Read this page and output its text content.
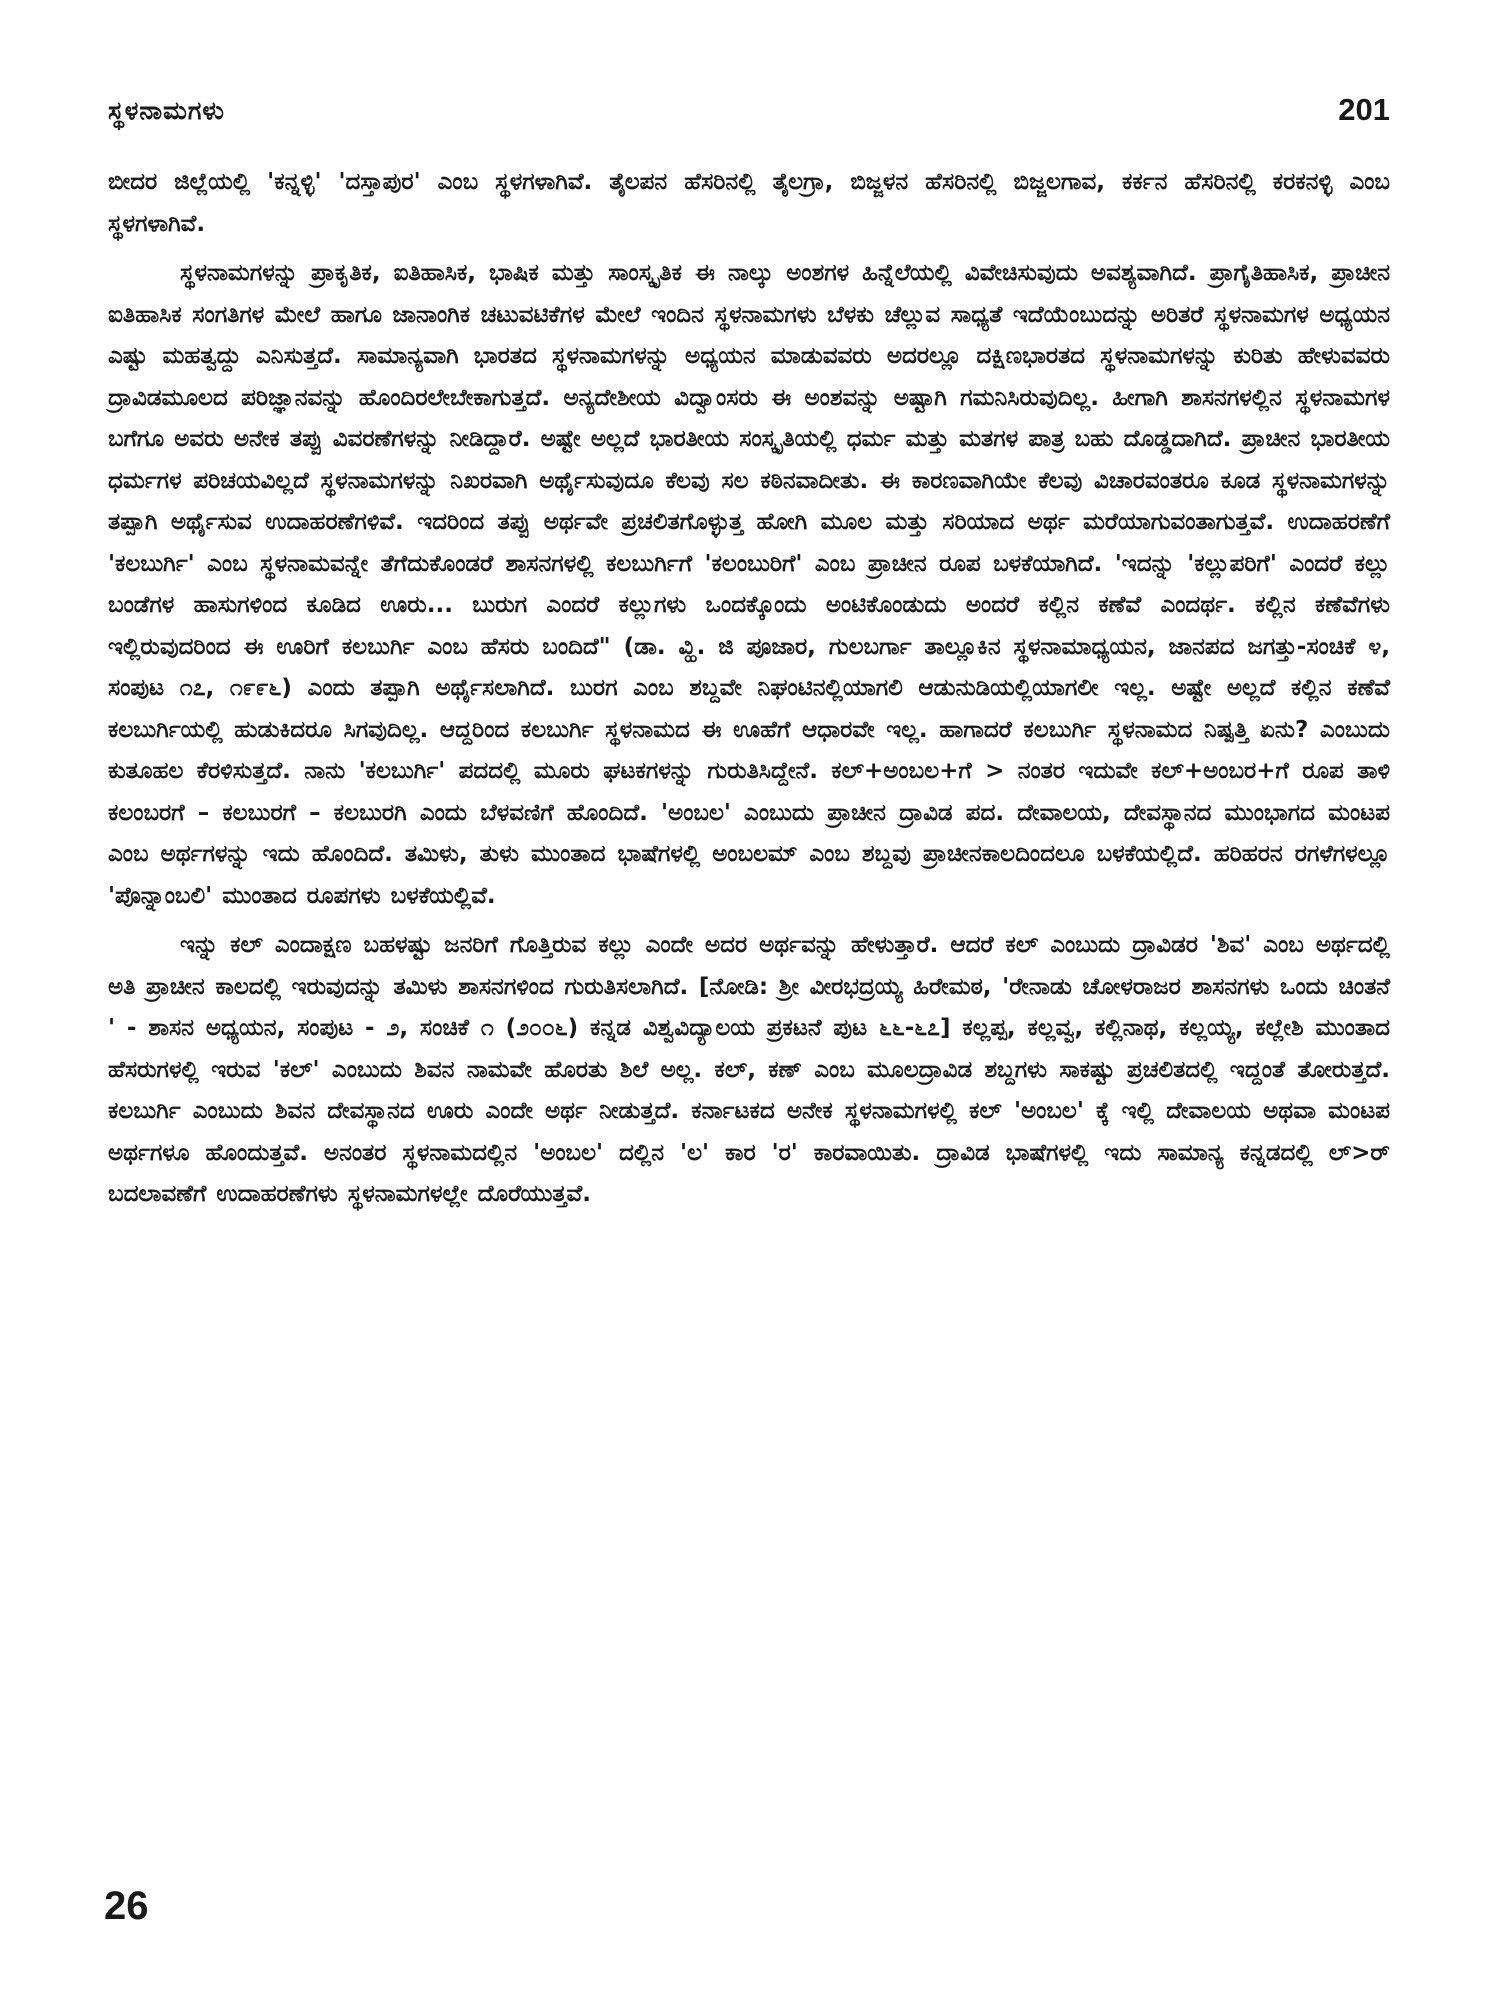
ಸ್ಥಳನಾಮಗಳು	201

ಬೀದರ ಜಿಲ್ಲೆಯಲ್ಲಿ 'ಕನ್ನಳ್ಳಿ' 'ದಸ್ತಾಪುರ' ಎಂಬ ಸ್ಥಳಗಳಾಗಿವೆ. ತೈಲಪನ ಹೆಸರಿನಲ್ಲಿ ತೈಲಗ್ರಾ, ಬಿಜ್ಜಳನ ಹೆಸರಿನಲ್ಲಿ ಬಿಜ್ಜಲಗಾವ, ಕರ್ಕನ ಹೆಸರಿನಲ್ಲಿ ಕರಕನಳ್ಳಿ ಎಂಬ ಸ್ಥಳಗಳಾಗಿವೆ.

ಸ್ಥಳನಾಮಗಳನ್ನು ಪ್ರಾಕೃತಿಕ, ಐತಿಹಾಸಿಕ, ಭಾಷಿಕ ಮತ್ತು ಸಾಂಸ್ಕೃತಿಕ ಈ ನಾಲ್ಕು ಅಂಶಗಳ ಹಿನ್ನೆಲೆಯಲ್ಲಿ ವಿವೇಚಿಸುವುದು ಅವಶ್ಯವಾಗಿದೆ. ಪ್ರಾಗೈತಿಹಾಸಿಕ, ಪ್ರಾಚೀನ ಐತಿಹಾಸಿಕ ಸಂಗತಿಗಳ ಮೇಲೆ ಹಾಗೂ ಜಾನಾಂಗಿಕ ಚಟುವಟಿಕೆಗಳ ಮೇಲೆ ಇಂದಿನ ಸ್ಥಳನಾಮಗಳು ಬೆಳಕು ಚೆಲ್ಲುವ ಸಾಧ್ಯತೆ ಇದೆಯೆಂಬುದನ್ನು ಅರಿತರೆ ಸ್ಥಳನಾಮಗಳ ಅಧ್ಯಯನ ಎಷ್ಟು ಮಹತ್ವದ್ದು ಎನಿಸುತ್ತದೆ. ಸಾಮಾನ್ಯವಾಗಿ ಭಾರತದ ಸ್ಥಳನಾಮಗಳನ್ನು ಅಧ್ಯಯನ ಮಾಡುವವರು ಅದರಲ್ಲೂ ದಕ್ಷಿಣಭಾರತದ ಸ್ಥಳನಾಮಗಳನ್ನು ಕುರಿತು ಹೇಳುವವರು ದ್ರಾವಿಡಮೂಲದ ಪರಿಜ್ಞಾನವನ್ನು ಹೊಂದಿರಲೇಬೇಕಾಗುತ್ತದೆ. ಅನ್ಯದೇಶೀಯ ವಿದ್ವಾಂಸರು ಈ ಅಂಶವನ್ನು ಅಷ್ಟಾಗಿ ಗಮನಿಸಿರುವುದಿಲ್ಲ. ಹೀಗಾಗಿ ಶಾಸನಗಳಲ್ಲಿನ ಸ್ಥಳನಾಮಗಳ ಬಗೆಗೂ ಅವರು ಅನೇಕ ತಪ್ಪು ವಿವರಣೆಗಳನ್ನು ನೀಡಿದ್ದಾರೆ. ಅಷ್ಟೇ ಅಲ್ಲದೆ ಭಾರತೀಯ ಸಂಸ್ಕೃತಿಯಲ್ಲಿ ಧರ್ಮ ಮತ್ತು ಮತಗಳ ಪಾತ್ರ ಬಹು ದೊಡ್ಡದಾಗಿದೆ. ಪ್ರಾಚೀನ ಭಾರತೀಯ ಧರ್ಮಗಳ ಪರಿಚಯವಿಲ್ಲದೆ ಸ್ಥಳನಾಮಗಳನ್ನು ನಿಖರವಾಗಿ ಅರ್ಥೈಸುವುದೂ ಕೆಲವು ಸಲ ಕಠಿನವಾದೀತು. ಈ ಕಾರಣವಾಗಿಯೇ ಕೆಲವು ವಿಚಾರವಂತರೂ ಕೂಡ ಸ್ಥಳನಾಮಗಳನ್ನು ತಪ್ಪಾಗಿ ಅರ್ಥೈಸುವ ಉದಾಹರಣೆಗಳಿವೆ. ಇದರಿಂದ ತಪ್ಪು ಅರ್ಥವೇ ಪ್ರಚಲಿತಗೊಳ್ಳುತ್ತ ಹೋಗಿ ಮೂಲ ಮತ್ತು ಸರಿಯಾದ ಅರ್ಥ ಮರೆಯಾಗುವಂತಾಗುತ್ತವೆ. ಉದಾಹರಣೆಗೆ 'ಕಲಬುರ್ಗಿ' ಎಂಬ ಸ್ಥಳನಾಮವನ್ನೇ ತೆಗೆದುಕೊಂಡರೆ ಶಾಸನಗಳಲ್ಲಿ ಕಲಬುರ್ಗಿಗೆ 'ಕಲಂಬುರಿಗೆ' ಎಂಬ ಪ್ರಾಚೀನ ರೂಪ ಬಳಕೆಯಾಗಿದೆ. 'ಇದನ್ನು 'ಕಲ್ಲುಪರಿಗೆ' ಎಂದರೆ ಕಲ್ಲು ಬಂಡೆಗಳ ಹಾಸುಗಳಿಂದ ಕೂಡಿದ ಊರು... ಬುರುಗ ಎಂದರೆ ಕಲ್ಲುಗಳು ಒಂದಕ್ಕೊಂದು ಅಂಟಿಕೊಂಡುದು ಅಂದರೆ ಕಲ್ಲಿನ ಕಣೆವೆ ಎಂದರ್ಥ. ಕಲ್ಲಿನ ಕಣೆವೆಗಳು ಇಲ್ಲಿರುವುದರಿಂದ ಈ ಊರಿಗೆ ಕಲಬುರ್ಗಿ ಎಂಬ ಹೆಸರು ಬಂದಿದೆ" (ಡಾ. ವ್ಹಿ. ಜಿ ಪೂಜಾರ, ಗುಲಬರ್ಗಾ ತಾಲ್ಲೂಕಿನ ಸ್ಥಳನಾಮಾಧ್ಯಯನ, ಜಾನಪದ ಜಗತ್ತು-ಸಂಚಿಕೆ ೪, ಸಂಪುಟ ೧೭, ೧೯೯೬) ಎಂದು ತಪ್ಪಾಗಿ ಅರ್ಥೈಸಲಾಗಿದೆ. ಬುರಗ ಎಂಬ ಶಬ್ದವೇ ನಿಘಂಟಿನಲ್ಲಿಯಾಗಲಿ ಆಡುನುಡಿಯಲ್ಲಿಯಾಗಲೀ ಇಲ್ಲ. ಅಷ್ಟೇ ಅಲ್ಲದೆ ಕಲ್ಲಿನ ಕಣೆವೆ ಕಲಬುರ್ಗಿಯಲ್ಲಿ ಹುಡುಕಿದರೂ ಸಿಗವುದಿಲ್ಲ. ಆದ್ದರಿಂದ ಕಲಬುರ್ಗಿ ಸ್ಥಳನಾಮದ ಈ ಊಹೆಗೆ ಆಧಾರವೇ ಇಲ್ಲ. ಹಾಗಾದರೆ ಕಲಬುರ್ಗಿ ಸ್ಥಳನಾಮದ ನಿಷ್ಪತ್ತಿ ಏನು? ಎಂಬುದು ಕುತೂಹಲ ಕೆರಳಿಸುತ್ತದೆ. ನಾನು 'ಕಲಬುರ್ಗಿ' ಪದದಲ್ಲಿ ಮೂರು ಘಟಕಗಳನ್ನು ಗುರುತಿಸಿದ್ದೇನೆ. ಕಲ್+ಅಂಬಲ+ಗೆ > ನಂತರ ಇದುವೇ ಕಲ್+ಅಂಬರ+ಗೆ ರೂಪ ತಾಳಿ ಕಲಂಬರಗೆ – ಕಲಬುರಗೆ – ಕಲಬುರಗಿ ಎಂದು ಬೆಳವಣಿಗೆ ಹೊಂದಿದೆ. 'ಅಂಬಲ' ಎಂಬುದು ಪ್ರಾಚೀನ ದ್ರಾವಿಡ ಪದ. ದೇವಾಲಯ, ದೇವಸ್ಥಾನದ ಮುಂಭಾಗದ ಮಂಟಪ ಎಂಬ ಅರ್ಥಗಳನ್ನು ಇದು ಹೊಂದಿದೆ. ತಮಿಳು, ತುಳು ಮುಂತಾದ ಭಾಷೆಗಳಲ್ಲಿ ಅಂಬಲಮ್ ಎಂಬ ಶಬ್ದವು ಪ್ರಾಚೀನಕಾಲದಿಂದಲೂ ಬಳಕೆಯಲ್ಲಿದೆ. ಹರಿಹರನ ರಗಳೆಗಳಲ್ಲೂ 'ಪೊನ್ನಾಂಬಲಿ' ಮುಂತಾದ ರೂಪಗಳು ಬಳಕೆಯಲ್ಲಿವೆ.

ಇನ್ನು ಕಲ್ ಎಂದಾಕ್ಷಣ ಬಹಳಷ್ಟು ಜನರಿಗೆ ಗೊತ್ತಿರುವ ಕಲ್ಲು ಎಂದೇ ಅದರ ಅರ್ಥವನ್ನು ಹೇಳುತ್ತಾರೆ. ಆದರೆ ಕಲ್ ಎಂಬುದು ದ್ರಾವಿಡರ 'ಶಿವ' ಎಂಬ ಅರ್ಥದಲ್ಲಿ ಅತಿ ಪ್ರಾಚೀನ ಕಾಲದಲ್ಲಿ ಇರುವುದನ್ನು ತಮಿಳು ಶಾಸನಗಳಿಂದ ಗುರುತಿಸಲಾಗಿದೆ. [ನೋಡಿ: ಶ್ರೀ ವೀರಭದ್ರಯ್ಯ ಹಿರೇಮಠ, 'ರೇನಾಡು ಚೋಳರಾಜರ ಶಾಸನಗಳು ಒಂದು ಚಿಂತನೆ ' - ಶಾಸನ ಅಧ್ಯಯನ, ಸಂಪುಟ - ೨, ಸಂಚಿಕೆ ೧ (೨೦೦೬) ಕನ್ನಡ ವಿಶ್ವವಿದ್ಯಾಲಯ ಪ್ರಕಟನೆ ಪುಟ ೬೬-೬೭] ಕಲ್ಲಪ್ಪ, ಕಲ್ಲವ್ವ, ಕಲ್ಲಿನಾಥ, ಕಲ್ಲಯ್ಯ, ಕಲ್ಲೇಶಿ ಮುಂತಾದ ಹೆಸರುಗಳಲ್ಲಿ ಇರುವ 'ಕಲ್' ಎಂಬುದು ಶಿವನ ನಾಮವೇ ಹೊರತು ಶಿಲೆ ಅಲ್ಲ. ಕಲ್, ಕಣ್ ಎಂಬ ಮೂಲದ್ರಾವಿಡ ಶಬ್ದಗಳು ಸಾಕಷ್ಟು ಪ್ರಚಲಿತದಲ್ಲಿ ಇದ್ದಂತೆ ತೋರುತ್ತದೆ. ಕಲಬುರ್ಗಿ ಎಂಬುದು ಶಿವನ ದೇವಸ್ಥಾನದ ಊರು ಎಂದೇ ಅರ್ಥ ನೀಡುತ್ತದೆ. ಕರ್ನಾಟಕದ ಅನೇಕ ಸ್ಥಳನಾಮಗಳಲ್ಲಿ ಕಲ್ 'ಅಂಬಲ' ಕ್ಕೆ ಇಲ್ಲಿ ದೇವಾಲಯ ಅಥವಾ ಮಂಟಪ ಅರ್ಥಗಳೂ ಹೊಂದುತ್ತವೆ. ಅನಂತರ ಸ್ಥಳನಾಮದಲ್ಲಿನ 'ಅಂಬಲ' ದಲ್ಲಿನ 'ಲ' ಕಾರ 'ರ' ಕಾರವಾಯಿತು. ದ್ರಾವಿಡ ಭಾಷೆಗಳಲ್ಲಿ ಇದು ಸಾಮಾನ್ಯ ಕನ್ನಡದಲ್ಲಿ ಲ್>ರ್ ಬದಲಾವಣೆಗೆ ಉದಾಹರಣೆಗಳು ಸ್ಥಳನಾಮಗಳಲ್ಲೇ ದೊರೆಯುತ್ತವೆ.

26
